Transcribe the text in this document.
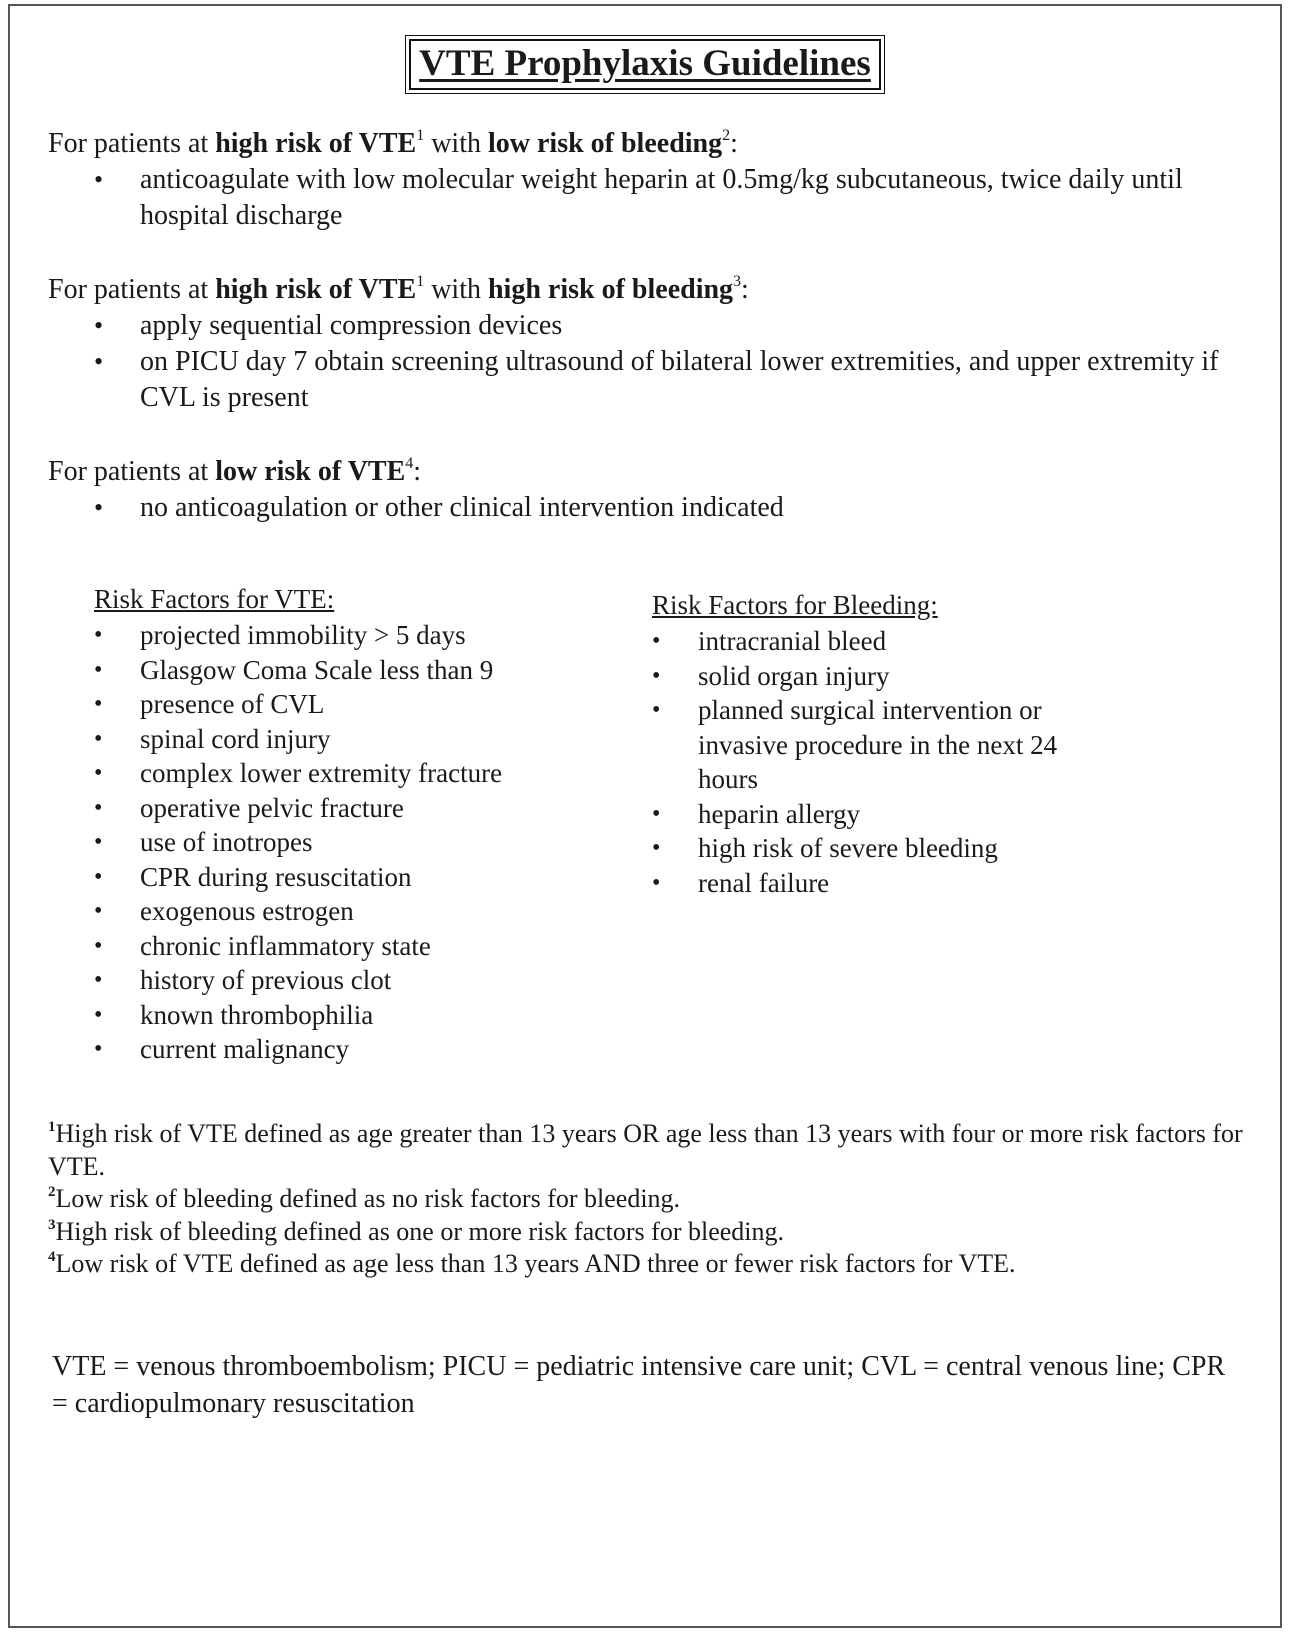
VTE Prophylaxis Guidelines

For patients at high risk of VTE$^1$ with low risk of bleeding$^2$:

• anticoagulate with low molecular weight heparin at 0.5mg/kg subcutaneous, twice daily until hospital discharge

For patients at high risk of VTE$^1$ with high risk of bleeding$^3$:

• apply sequential compression devices
• on PICU day 7 obtain screening ultrasound of bilateral lower extremities, and upper extremity if CVL is present

For patients at low risk of VTE$^4$:

• no anticoagulation or other clinical intervention indicated
Risk Factors for VTE:
• projected immobility > 5 days
• Glasgow Coma Scale less than 9
• presence of CVL
• spinal cord injury
• complex lower extremity fracture
• operative pelvic fracture
• use of inotropes
• CPR during resuscitation
• exogenous estrogen
• chronic inflammatory state
• history of previous clot
• known thrombophilia
• current malignancy
Risk Factors for Bleeding:
• intracranial bleed
• solid organ injury
• planned surgical intervention or invasive procedure in the next 24 hours
• heparin allergy
• high risk of severe bleeding
• renal failure

$^1$High risk of VTE defined as age greater than 13 years OR age less than 13 years with four or more risk factors for VTE.

$^2$Low risk of bleeding defined as no risk factors for bleeding.

$^3$High risk of bleeding defined as one or more risk factors for bleeding.

$^4$Low risk of VTE defined as age less than 13 years AND three or fewer risk factors for VTE.

VTE = venous thromboembolism; PICU = pediatric intensive care unit; CVL = central venous line; CPR = cardiopulmonary resuscitation
